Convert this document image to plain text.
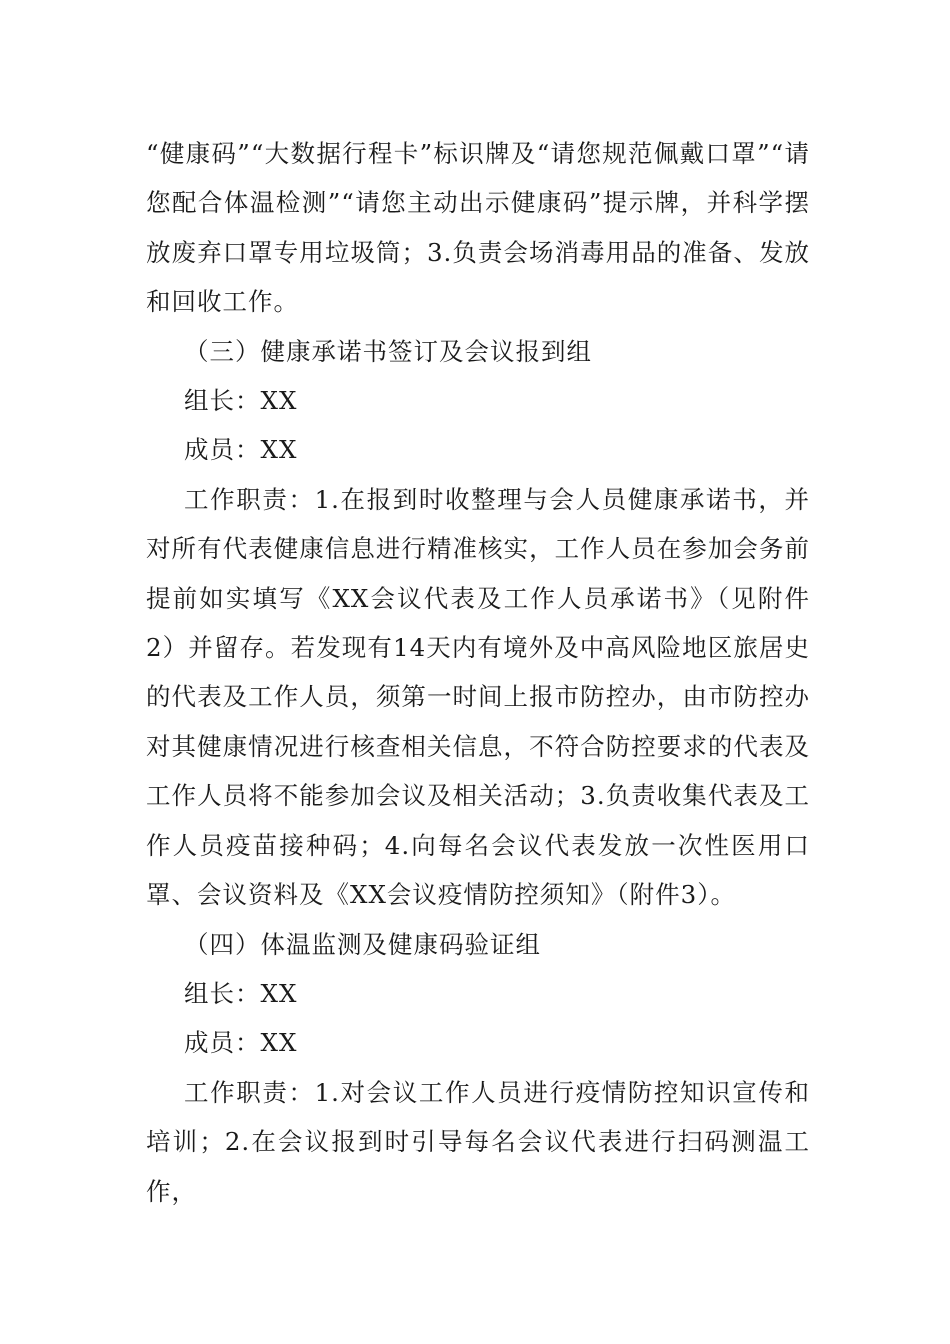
“健康码”“大数据行程卡”标识牌及“请您规范佩戴口罩”“请您配合体温检测”“请您主动出示健康码”提示牌，并科学摆放废弃口罩专用垃圾筒；3.负责会场消毒用品的准备、发放和回收工作。

（三）健康承诺书签订及会议报到组

组长：XX

成员：XX

工作职责：1.在报到时收整理与会人员健康承诺书，并对所有代表健康信息进行精准核实，工作人员在参加会务前提前如实填写《XX会议代表及工作人员承诺书》（见附件2）并留存。若发现有14天内有境外及中高风险地区旅居史的代表及工作人员，须第一时间上报市防控办，由市防控办对其健康情况进行核查相关信息，不符合防控要求的代表及工作人员将不能参加会议及相关活动；3.负责收集代表及工作人员疫苗接种码；4.向每名会议代表发放一次性医用口罩、会议资料及《XX会议疫情防控须知》（附件3）。

（四）体温监测及健康码验证组

组长：XX

成员：XX

工作职责：1.对会议工作人员进行疫情防控知识宣传和培训；2.在会议报到时引导每名会议代表进行扫码测温工作，
